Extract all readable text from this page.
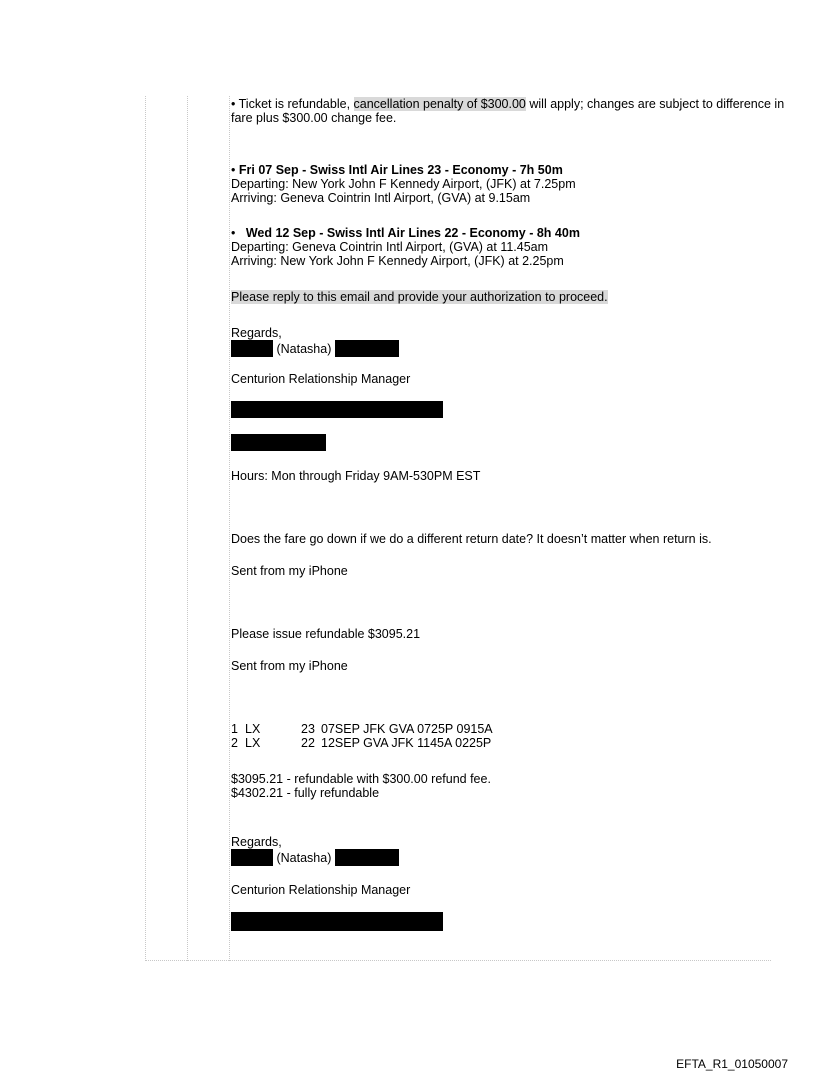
• Ticket is refundable, cancellation penalty of $300.00 will apply; changes are subject to difference in
fare plus $300.00 change fee.
• Fri 07 Sep - Swiss Intl Air Lines 23 - Economy - 7h 50m
Departing: New York John F Kennedy Airport, (JFK) at 7.25pm
Arriving: Geneva Cointrin Intl Airport, (GVA) at 9.15am
• Wed 12 Sep - Swiss Intl Air Lines 22 - Economy - 8h 40m
Departing: Geneva Cointrin Intl Airport, (GVA) at 11.45am
Arriving: New York John F Kennedy Airport, (JFK) at 2.25pm
Please reply to this email and provide your authorization to proceed.
Regards,
(Natasha)
Centurion Relationship Manager
Hours: Mon through Friday 9AM-530PM EST
Does the fare go down if we do a different return date? It doesn’t matter when return is.
Sent from my iPhone
Please issue refundable $3095.21
Sent from my iPhone
1 LX	23 07SEP JFK GVA 0725P 0915A
2 LX	22 12SEP GVA JFK 1145A 0225P
$3095.21 - refundable with $300.00 refund fee.
$4302.21 - fully refundable
Regards,
(Natasha)
Centurion Relationship Manager
EFTA_R1_01050007
